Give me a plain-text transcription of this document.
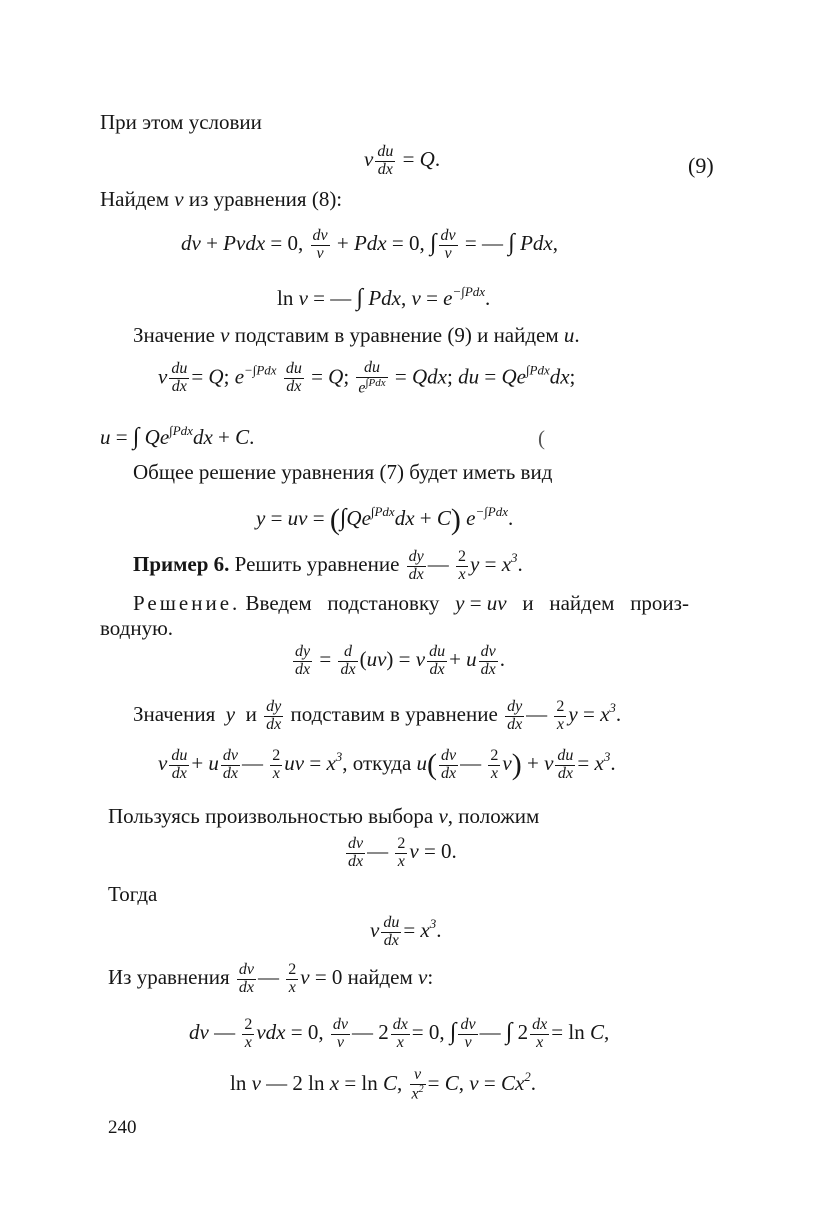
При этом условии
v $\frac{du}{dx} = Q$.	(9)
Найдем v из уравнения (8):
dv + Pvdx = 0, $\frac{dv}{v}$ + Pdx = 0, ∫ $\frac{dv}{v}$ = — ∫ Pdx,
ln v = — ∫ Pdx, $v = e^{-\int Pdx}$.
Значение v подставим в уравнение (9) и найдем u.
v $\frac{du}{dx} = Q$; $e^{-\int Pdx} \frac{du}{dx} = Q$; $\frac{du}{e^{\int Pdx}}$ = Qdx; du = $Qe^{\int Pdx}dx$;
u = ∫ $Qe^{\int Pdx}dx + C$.	(
Общее решение уравнения (7) будет иметь вид
y = uv = $(\int Qe^{\int Pdx}dx + C)$ $e^{-\int Pdx}$.
Пример 6. Решить уравнение $\frac{dy}{dx}$ — $\frac{2}{x}$ $y = x^3$.
Решение. Введем   подстановку   y = uv   и   найдем   произ-
водную.
$\frac{dy}{dx} = \frac{d}{dx} (uv) = v \frac{du}{dx} + u \frac{dv}{dx}$ .
Значения  y  и $\frac{dy}{dx}$ подставим в уравнение $\frac{dy}{dx}$ — $\frac{2}{x}$ $y = x^3$.
v $\frac{du}{dx} + u \frac{dv}{dx}$ — $\frac{2}{x}$ uv = $x^3$, откуда $u( \frac{dv}{dx}$ — $\frac{2}{x} v) + v \frac{du}{dx} = x^3$.
Пользуясь произвольностью выбора v, положим
$\frac{dv}{dx}$ — $\frac{2}{x}$ v = 0.
Тогда
v $\frac{du}{dx} = x^3$.
Из уравнения $\frac{dv}{dx}$ — $\frac{2}{x}$ v = 0 найдем v:
dv — $\frac{2}{x}$ vdx = 0, $\frac{dv}{v}$ — $2 \frac{dx}{x} = 0$, ∫ $\frac{dv}{v}$ — ∫ $2 \frac{dx}{x} = \ln C$,
ln v — 2 ln x = ln C, $\frac{v}{x^2} = C$, $v = Cx^2$.
240
